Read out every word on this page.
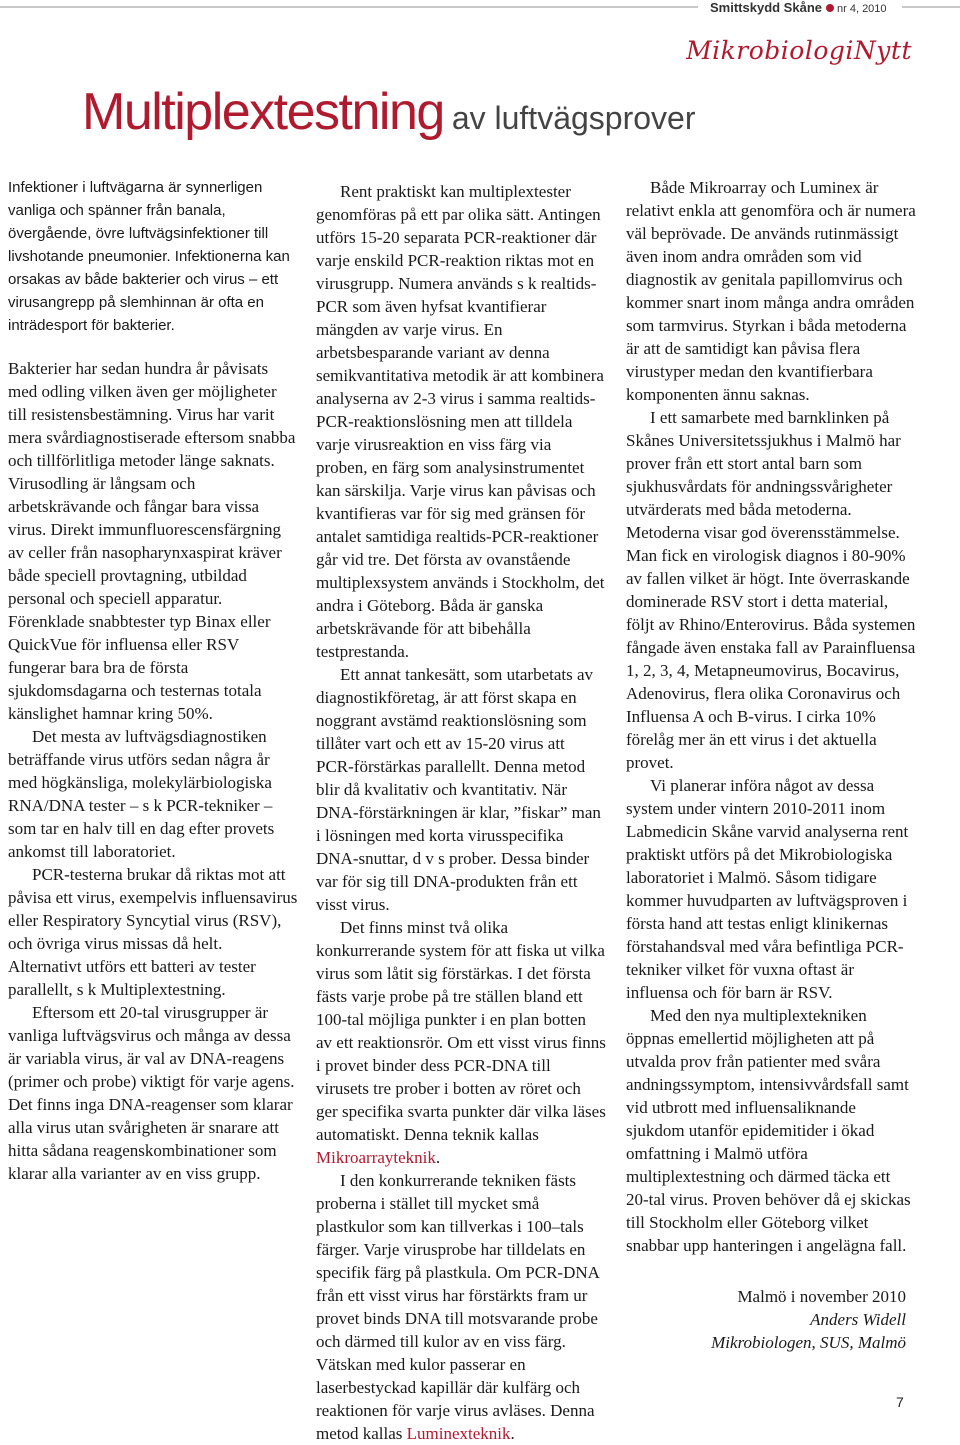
Smittskydd Skåne nr 4, 2010
MikrobiologiNytt
Multiplextestning av luftvägsprover

Infektioner i luftvägarna är synnerligen vanliga och spänner från banala, övergående, övre luftvägsinfektioner till livshotande pneumonier. Infektionerna kan orsakas av både bakterier och virus – ett virusangrepp på slemhinnan är ofta en inträdesport för bakterier.

Bakterier har sedan hundra år påvisats med odling vilken även ger möjligheter till resistensbestämning. Virus har varit mera svårdiagnostiserade eftersom snabba och tillförlitliga metoder länge saknats. Virusodling är långsam och arbetskrävande och fångar bara vissa virus. Direkt immunfluorescensfärgning av celler från nasopharynxaspirat kräver både speciell provtagning, utbildad personal och speciell apparatur. Förenklade snabbtester typ Binax eller QuickVue för influensa eller RSV fungerar bara bra de första sjukdomsdagarna och testernas totala känslighet hamnar kring 50%.

Det mesta av luftvägsdiagnostiken beträffande virus utförs sedan några år med högkänsliga, molekylärbiologiska RNA/DNA tester – s k PCR-tekniker – som tar en halv till en dag efter provets ankomst till laboratoriet.

PCR-testerna brukar då riktas mot att påvisa ett virus, exempelvis influensavirus eller Respiratory Syncytial virus (RSV), och övriga virus missas då helt. Alternativt utförs ett batteri av tester parallellt, s k Multiplextestning.

Eftersom ett 20-tal virusgrupper är vanliga luftvägsvirus och många av dessa är variabla virus, är val av DNA-reagens (primer och probe) viktigt för varje agens. Det finns inga DNA-reagenser som klarar alla virus utan svårigheten är snarare att hitta sådana reagenskombinationer som klarar alla varianter av en viss grupp.

Rent praktiskt kan multiplextester genomföras på ett par olika sätt. Antingen utförs 15-20 separata PCR-reaktioner där varje enskild PCR-reaktion riktas mot en virusgrupp. Numera används s k realtids-PCR som även hyfsat kvantifierar mängden av varje virus. En arbetsbesparande variant av denna semikvantitativa metodik är att kombinera analyserna av 2-3 virus i samma realtids-PCR-reaktionslösning men att tilldela varje virusreaktion en viss färg via proben, en färg som analysinstrumentet kan särskilja. Varje virus kan påvisas och kvantifieras var för sig med gränsen för antalet samtidiga realtids-PCR-reaktioner går vid tre. Det första av ovanstående multiplexsystem används i Stockholm, det andra i Göteborg. Båda är ganska arbetskrävande för att bibehålla testprestanda.

Ett annat tankesätt, som utarbetats av diagnostikföretag, är att först skapa en noggrant avstämd reaktionslösning som tillåter vart och ett av 15-20 virus att PCR-förstärkas parallellt. Denna metod blir då kvalitativ och kvantitativ. När DNA-förstärkningen är klar, ”fiskar” man i lösningen med korta virusspecifika DNA-snuttar, d v s prober. Dessa binder var för sig till DNA-produkten från ett visst virus.

Det finns minst två olika konkurrerande system för att fiska ut vilka virus som låtit sig förstärkas. I det första fästs varje probe på tre ställen bland ett 100-tal möjliga punkter i en plan botten av ett reaktionsrör. Om ett visst virus finns i provet binder dess PCR-DNA till virusets tre prober i botten av röret och ger specifika svarta punkter där vilka läses automatiskt. Denna teknik kallas Mikroarrayteknik.

I den konkurrerande tekniken fästs proberna i stället till mycket små plastkulor som kan tillverkas i 100–tals färger. Varje virusprobe har tilldelats en specifik färg på plastkula. Om PCR-DNA från ett visst virus har förstärkts fram ur provet binds DNA till motsvarande probe och därmed till kulor av en viss färg. Vätskan med kulor passerar en laserbestyckad kapillär där kulfärg och reaktionen för varje virus avläses. Denna metod kallas Luminexteknik.

Både Mikroarray och Luminex är relativt enkla att genomföra och är numera väl beprövade. De används rutinmässigt även inom andra områden som vid diagnostik av genitala papillomvirus och kommer snart inom många andra områden som tarmvirus. Styrkan i båda metoderna är att de samtidigt kan påvisa flera virustyper medan den kvantifierbara komponenten ännu saknas.

I ett samarbete med barnklinken på Skånes Universitetssjukhus i Malmö har prover från ett stort antal barn som sjukhusvårdats för andningssvårigheter utvärderats med båda metoderna. Metoderna visar god överensstämmelse. Man fick en virologisk diagnos i 80-90% av fallen vilket är högt. Inte överraskande dominerade RSV stort i detta material, följt av Rhino/Enterovirus. Båda systemen fångade även enstaka fall av Parainfluensa 1, 2, 3, 4, Metapneumovirus, Bocavirus, Adenovirus, flera olika Coronavirus och Influensa A och B-virus. I cirka 10% förelåg mer än ett virus i det aktuella provet.

Vi planerar införa något av dessa system under vintern 2010-2011 inom Labmedicin Skåne varvid analyserna rent praktiskt utförs på det Mikrobiologiska laboratoriet i Malmö. Såsom tidigare kommer huvudparten av luftvägsproven i första hand att testas enligt klinikernas förstahandsval med våra befintliga PCR-tekniker vilket för vuxna oftast är influensa och för barn är RSV.

Med den nya multiplextekniken öppnas emellertid möjligheten att på utvalda prov från patienter med svåra andningssymptom, intensivvårdsfall samt vid utbrott med influensaliknande sjukdom utanför epidemitider i ökad omfattning i Malmö utföra multiplextestning och därmed täcka ett 20-tal virus. Proven behöver då ej skickas till Stockholm eller Göteborg vilket snabbar upp hanteringen i angelägna fall.

Malmö i november 2010
Anders Widell
Mikrobiologen, SUS, Malmö

7
